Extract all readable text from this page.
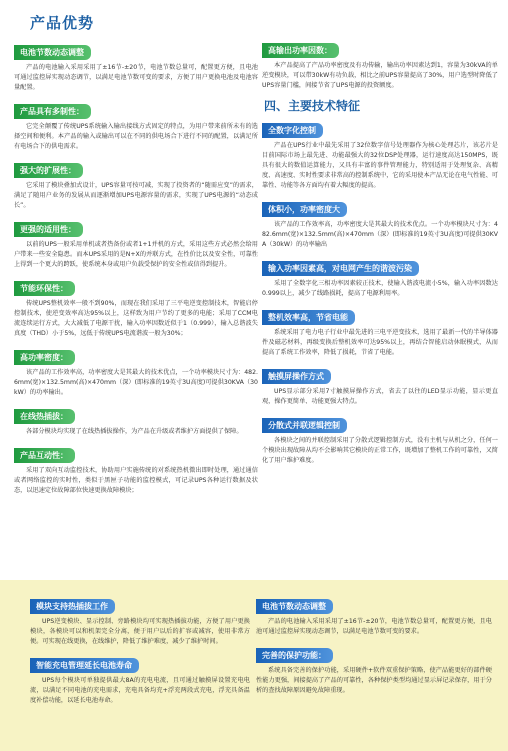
产品优势
电池节数动态调整

产品的电池输入采用采用了±16节-±20节，电池节数总量可，配置更方便，且电池可通过监控屏实现动态调节，以满足电池节数可变的要求，方便了用户更换电池及电池容量配置。

产品具有多制性：

它完全颠覆了传统UPS系统输入输出接线方式固定的特点，为用户带来前所未有的选择空间和便利。本产品的输入或输出可以在不同的供电场合下进行不同的配置，以满足所有电场合下的供电需求。

强大的扩展性：

它采用了模块叠加式设计，UPS容量可按可减，实现了投资者的“随需应变”的需求，满足了随用户业务的发展从而逐渐增加UPS电源容量的需求，实现了UPS电源的“动态成长”。

更强的适用性：

以前的UPS一般采用单机或者热备份或者1+1并机的方式，采用这些方式必然会给用户带来一些安全隐患。而本UPS采用的是N+X的并联方式，在性价比以及安全性，可靠性上得到一个更大的跨跃，使系统本身或用户负载受保护的安全性或信得到提升。

节能环保性：

传统UPS整机效率一般不到90%，而现在我们采用了三平电逆变控制技术，智能启停控制技术，使逆变效率高达95%以上，这样致为用户节约了更多的电能；采用了CCM电流连续运行方式，大大减低了电源干扰，输入功率因数近似于1（0.999），输入总谐波失真度（THD）小于5%，远低于传统UPS电流谐波一般为30%；

高功率密度：

该产品的工作效率高，功率密度大是其最大的技术优点，一个功率模块尺寸为：482.6mm(宽)×132.5mm(高)×470mm（深）(即标准的19英寸3U高度)可提供30KVA（30kW）的功率输出。

在线热插拔：

各部分模块均实现了在线热插拔操作，为产品在升级或者维护方面提供了保障。

产品互动性：

采用了双向互动监控技术，协助用户实施传统的对系统热机微出即时处理，通过通信或者网络监控的实时性，类似于黑匣子功能的监控模式，可记录UPS各种运行数据及状态，以迅速定位故障部位快速更换故障模块；

高输出功率因数：

本产品提高了产品功率密度及有功传输，输出功率因素达到1，容量为30kVA的单逆变模块，可以带30kW有功负载，相比之前UPS容量提高了30%，用户选型时降低了UPS容量门槛，间接节省了UPS电源的投资额度。

四、主要技术特征
全数字化控制

产品在UPS行业中最先采用了32位数字信号处理器作为核心处理芯片，该芯片是目前国际市场上最先进、功能最强大的32位DSP处理器，运行速度高达150MPS，既具有很大的数值运算能力，又具有丰富的事件管理能力，特别适用于处理复杂、高精度、高速度、实时性要求非常高的控制系统中，它的采用使本产品无论在电气性能、可靠性、功能等各方面均有着大幅度的提高。

体积小，功率密度大

该产品的工作效率高，功率密度大是其最大的技术优点。一个功率模块尺寸为：482.6mm(宽)×132.5mm(高)×470mm（深）(即标准的19英寸3U高度)可提供30KVA（30kW）的功率输出

输入功率因素高，对电网产生的谐波污染

采用了全数字化三相功率因素较正技术，使输入谐波电流小5%，输入功率因数达0.999以上，减少了线路损耗，提高了电源利用率。

整机效率高，节省电能

系统采用了电力电子行业中最先进的三电平逆变技术，选用了最新一代的半导体器件及磁芯材料，再级变换后整机效率可达95%以上，再结合智能启动休眠模式，从而提高了系统工作效率，降低了损耗，节省了电能。

触摸屏操作方式

UPS显示部分采用7寸触摸屏操作方式，省去了以往的LED显示功能，显示更直观，操作更简单、功能更强大特点。

分散式并联逻辑控制

各模块之间的并联控制采用了分散式逻辑控制方式，没有主机与从机之分，任何一个模块出现故障从均不会影响其它模块的正常工作，既增加了整机工作的可靠性，又简化了用户维护难度。

模块支持热插拔工作

UPS逆变模块、显示控制、旁路模块均可实现热插拔功能，方便了用户更换模块，各模块可以和机架完全分离，便于用户以后的扩容或减容，使用非常方便。可实现在线更换，在线维护，降低了维护难度，减少了维护时间。

智能充电管理延长电池寿命

UPS每个模块可单独提供最大8A的充电电流，且可通过触摸屏设置充电电流，以满足不同电池的充电需求，充电具备均充+浮充两段式充电，浮充具备温度补偿功能，以延长电池寿命。

电池节数动态调整

产品的电池输入采用采用了±16节-±20节，电池节数总量可，配置更方便，且电池可通过监控屏实现动态调节，以满足电池节数可变的要求。

完善的保护功能：

系统具备完善的保护功能，采用硬件+软件双重保护策略，使产品能更好的部件硬性能力更强，间接提高了产品的可靠性，各种保护类型均通过显示屏记录保存，用于分析的查找故障原因避免故障重现。
